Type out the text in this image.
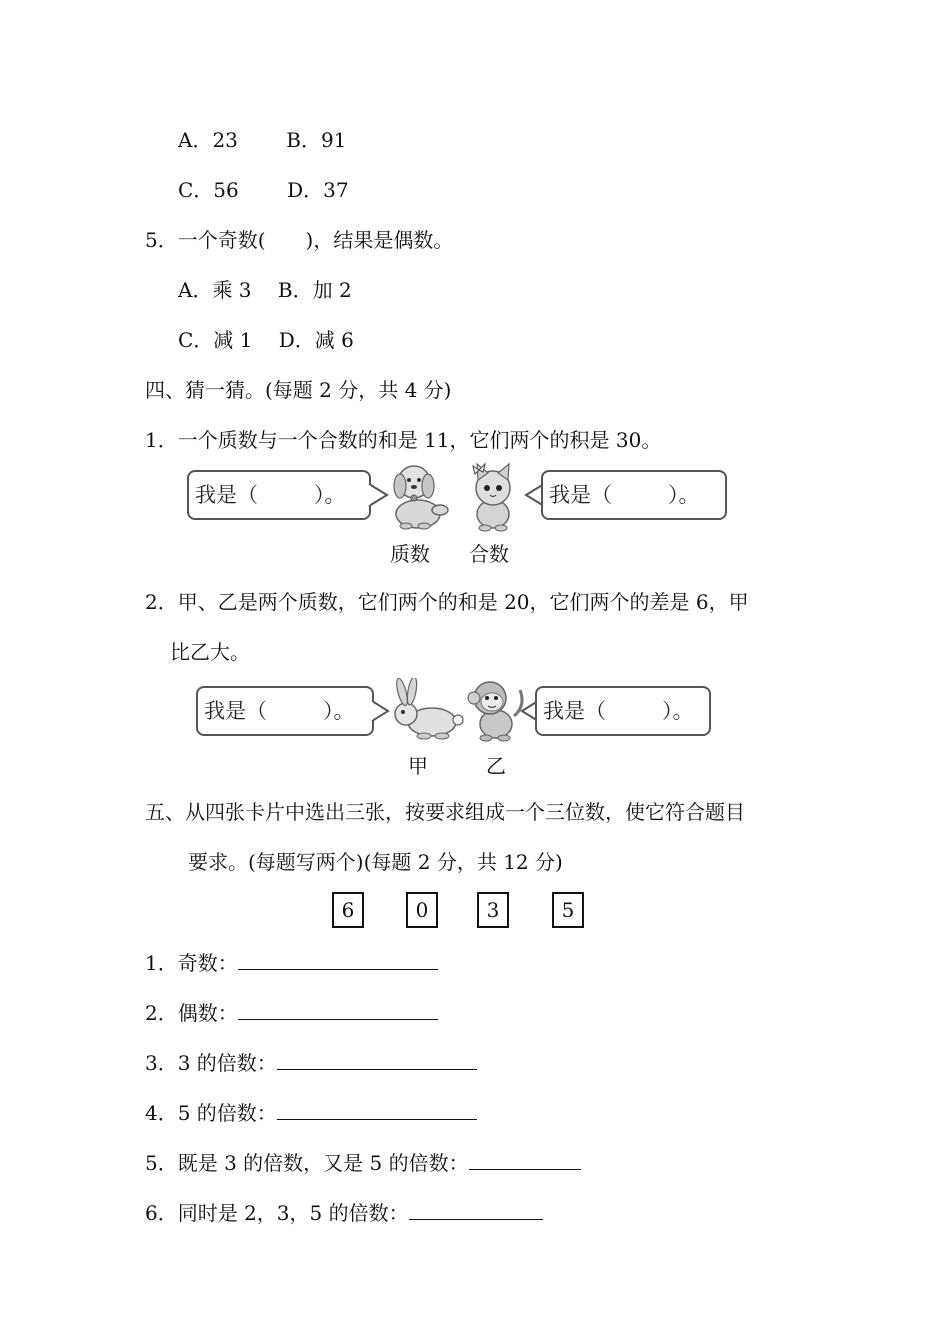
A．23 B．91
C．56 D．37
5．一个奇数(　　)，结果是偶数。
A．乘 3 B．加 2
C．减 1 D．减 6
四、猜一猜。(每题 2 分，共 4 分)
1．一个质数与一个合数的和是 11，它们两个的积是 30。
我是（	）。	我是（	）。
质数 合数
2．甲、乙是两个质数，它们两个的和是 20，它们两个的差是 6，甲
比乙大。
我是（	）。	我是（	）。
甲	乙
五、从四张卡片中选出三张，按要求组成一个三位数，使它符合题目
要求。(每题写两个)(每题 2 分，共 12 分)
6	0	3	5
1．奇数：
2．偶数：
3．3 的倍数：
4．5 的倍数：
5．既是 3 的倍数，又是 5 的倍数：
6．同时是 2，3，5 的倍数：
